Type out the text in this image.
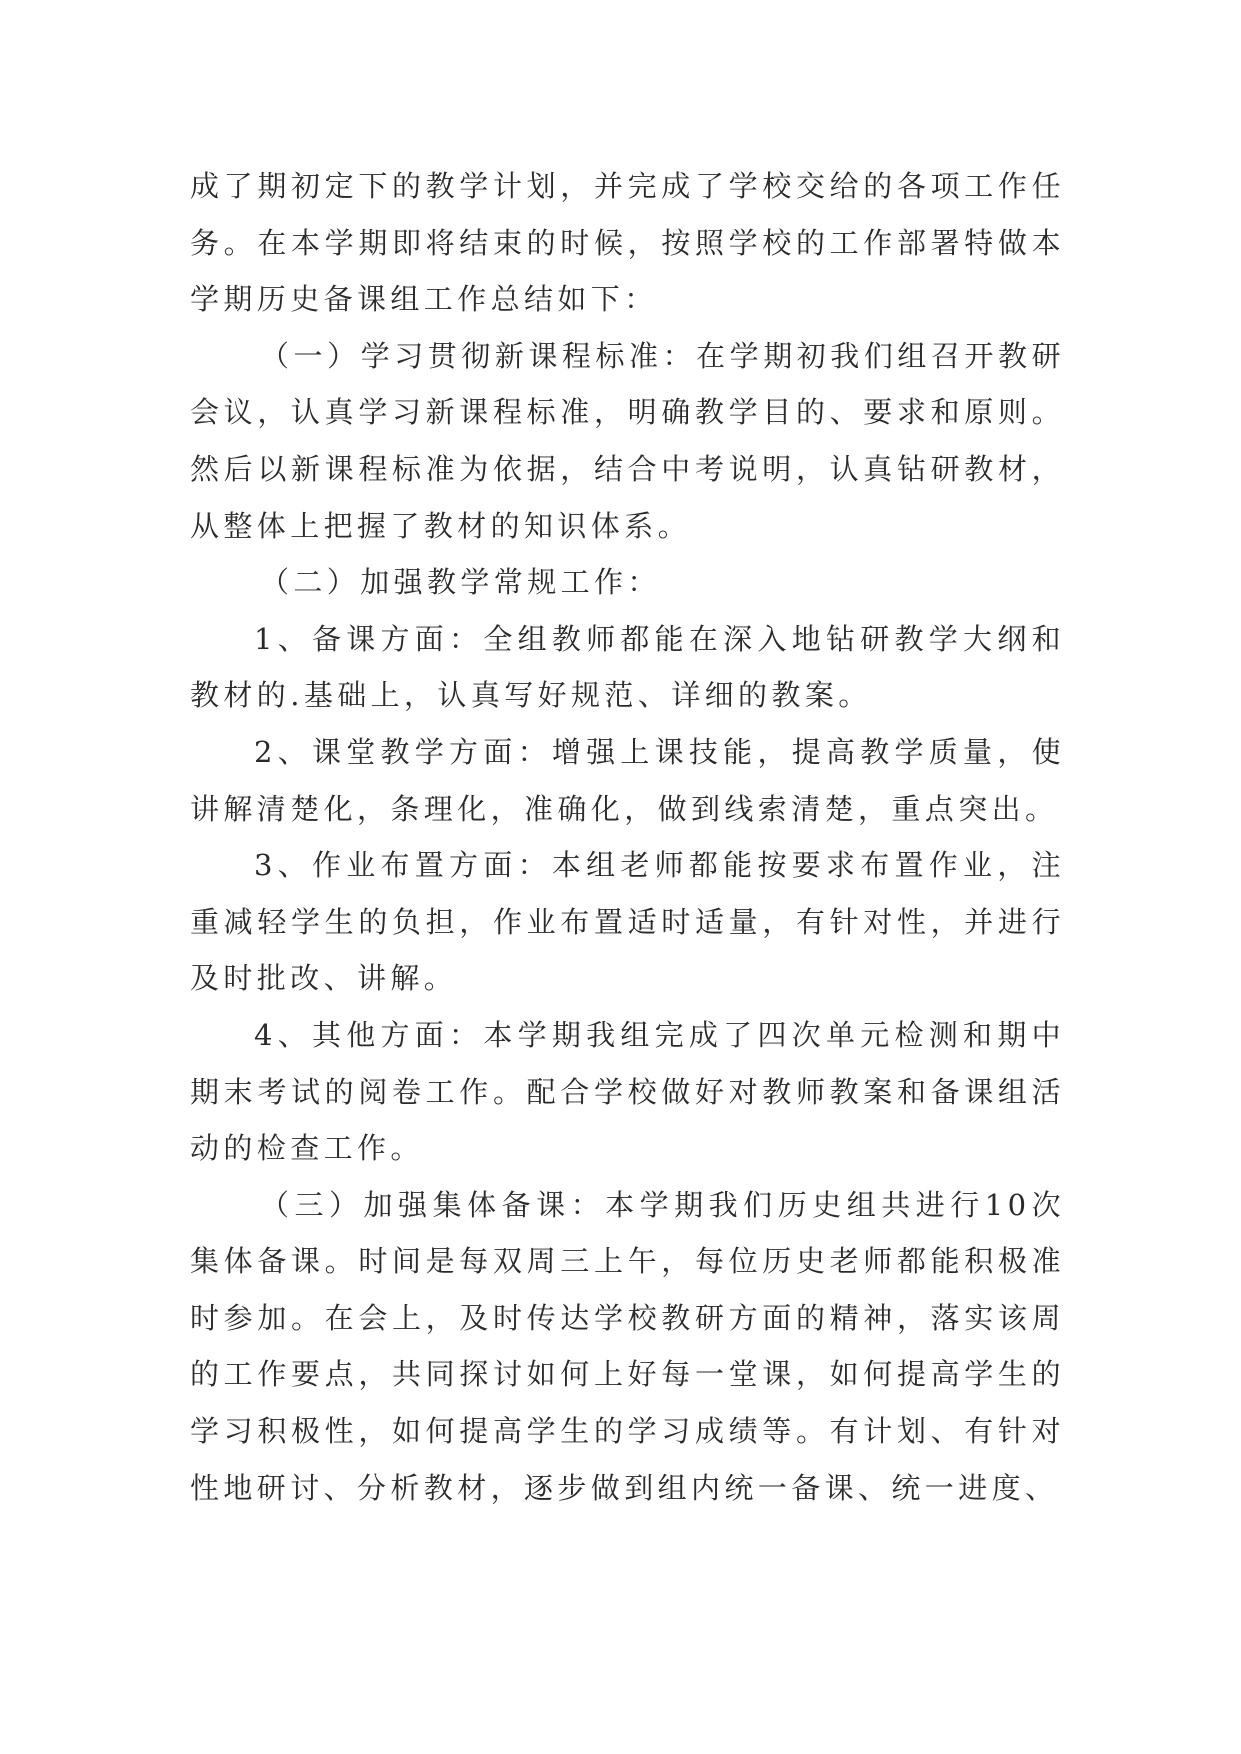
成了期初定下的教学计划，并完成了学校交给的各项工作任务。在本学期即将结束的时候，按照学校的工作部署特做本学期历史备课组工作总结如下：

（一）学习贯彻新课程标准：在学期初我们组召开教研会议，认真学习新课程标准，明确教学目的、要求和原则。然后以新课程标准为依据，结合中考说明，认真钻研教材，从整体上把握了教材的知识体系。

（二）加强教学常规工作：

1、备课方面：全组教师都能在深入地钻研教学大纲和教材的.基础上，认真写好规范、详细的教案。

2、课堂教学方面：增强上课技能，提高教学质量，使讲解清楚化，条理化，准确化，做到线索清楚，重点突出。

3、作业布置方面：本组老师都能按要求布置作业，注重减轻学生的负担，作业布置适时适量，有针对性，并进行及时批改、讲解。

4、其他方面：本学期我组完成了四次单元检测和期中期末考试的阅卷工作。配合学校做好对教师教案和备课组活动的检查工作。

（三）加强集体备课：本学期我们历史组共进行10次集体备课。时间是每双周三上午，每位历史老师都能积极准时参加。在会上，及时传达学校教研方面的精神，落实该周的工作要点，共同探讨如何上好每一堂课，如何提高学生的学习积极性，如何提高学生的学习成绩等。有计划、有针对性地研讨、分析教材，逐步做到组内统一备课、统一进度、
